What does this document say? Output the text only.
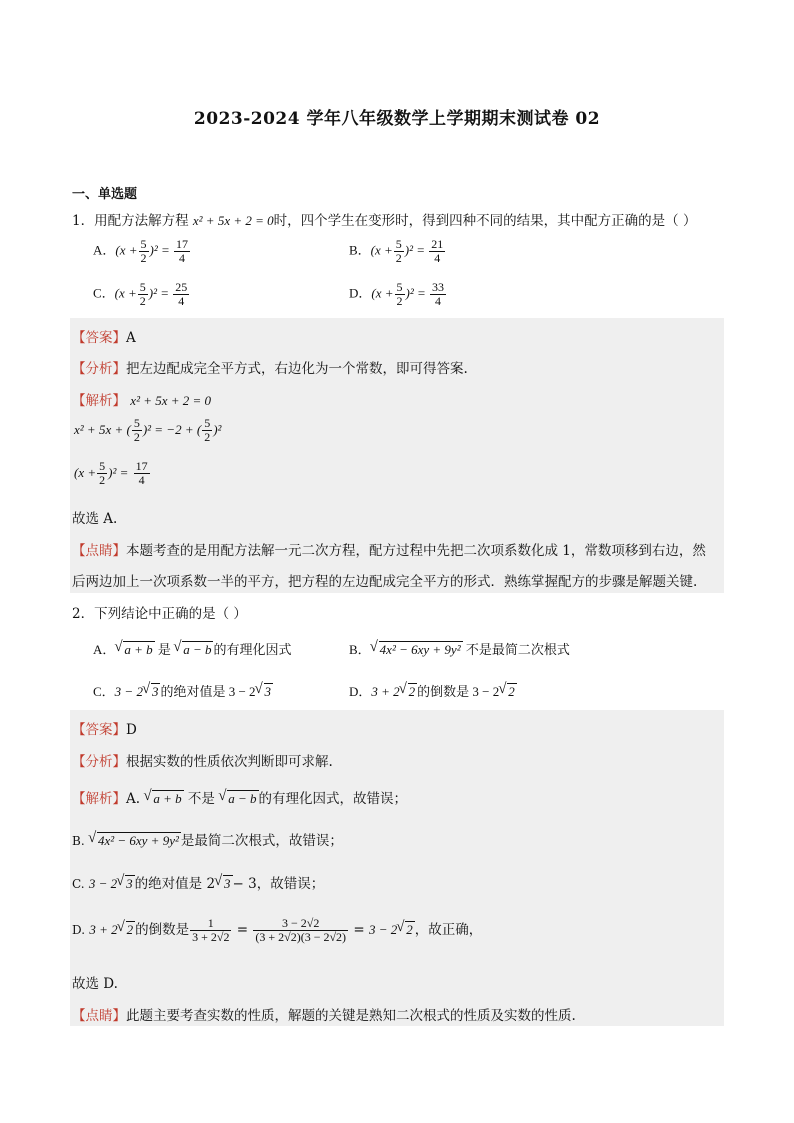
2023-2024 学年八年级数学上学期期末测试卷 02
一、单选题
1．用配方法解方程 x² + 5x + 2 = 0时，四个学生在变形时，得到四种不同的结果，其中配方正确的是（ ）
A．$(x + \frac{5}{2} )^2 = \frac{17}{4}$	B．$(x + \frac{5}{2} )^2 = \frac{21}{4}$
C．$(x + \frac{5}{2} )^2 = \frac{25}{4}$	D．$(x + \frac{5}{2} )^2 = \frac{33}{4}$
【答案】A
【分析】把左边配成完全平方式，右边化为一个常数，即可得答案.
【解析】 x² + 5x + 2 = 0
x² + 5x + ( $\frac{5}{2} )^2 = -2$ + ( $\frac{5}{2} )^2$
$(x + \frac{5}{2} )^2 = \frac{17}{4}$
故选 A.
【点睛】本题考查的是用配方法解一元二次方程，配方过程中先把二次项系数化成 1，常数项移到右边，然
后两边加上一次项系数一半的平方，把方程的左边配成完全平方的形式．熟练掌握配方的步骤是解题关键.
2．下列结论中正确的是（ ）
A．√ a + b 是 √ a − b 的有理化因式	B．√ 4x² − 6xy + 9y² 不是最简二次根式
C．3 − 2√ 3 的绝对值是 3 − 2√ 3	D．3 + 2√ 2 的倒数是 3 − 2√ 2
【答案】D
【分析】根据实数的性质依次判断即可求解.
【解析】A. √ a + b 不是 √ a − b 的有理化因式，故错误；
B. √ 4x² − 6xy + 9y² 是最简二次根式，故错误；
C. 3 − 2√ 3 的绝对值是 2√ 3 − 3，故错误；
D. 3 + 2√ 2 的倒数是 $\frac{1}{3 + 2√2} = \frac{3 - 2√2}{(3 + 2√2)(3 - 2√2)} = 3 - 2√$ 2 ，故正确，
故选 D.
【点睛】此题主要考查实数的性质，解题的关键是熟知二次根式的性质及实数的性质.
